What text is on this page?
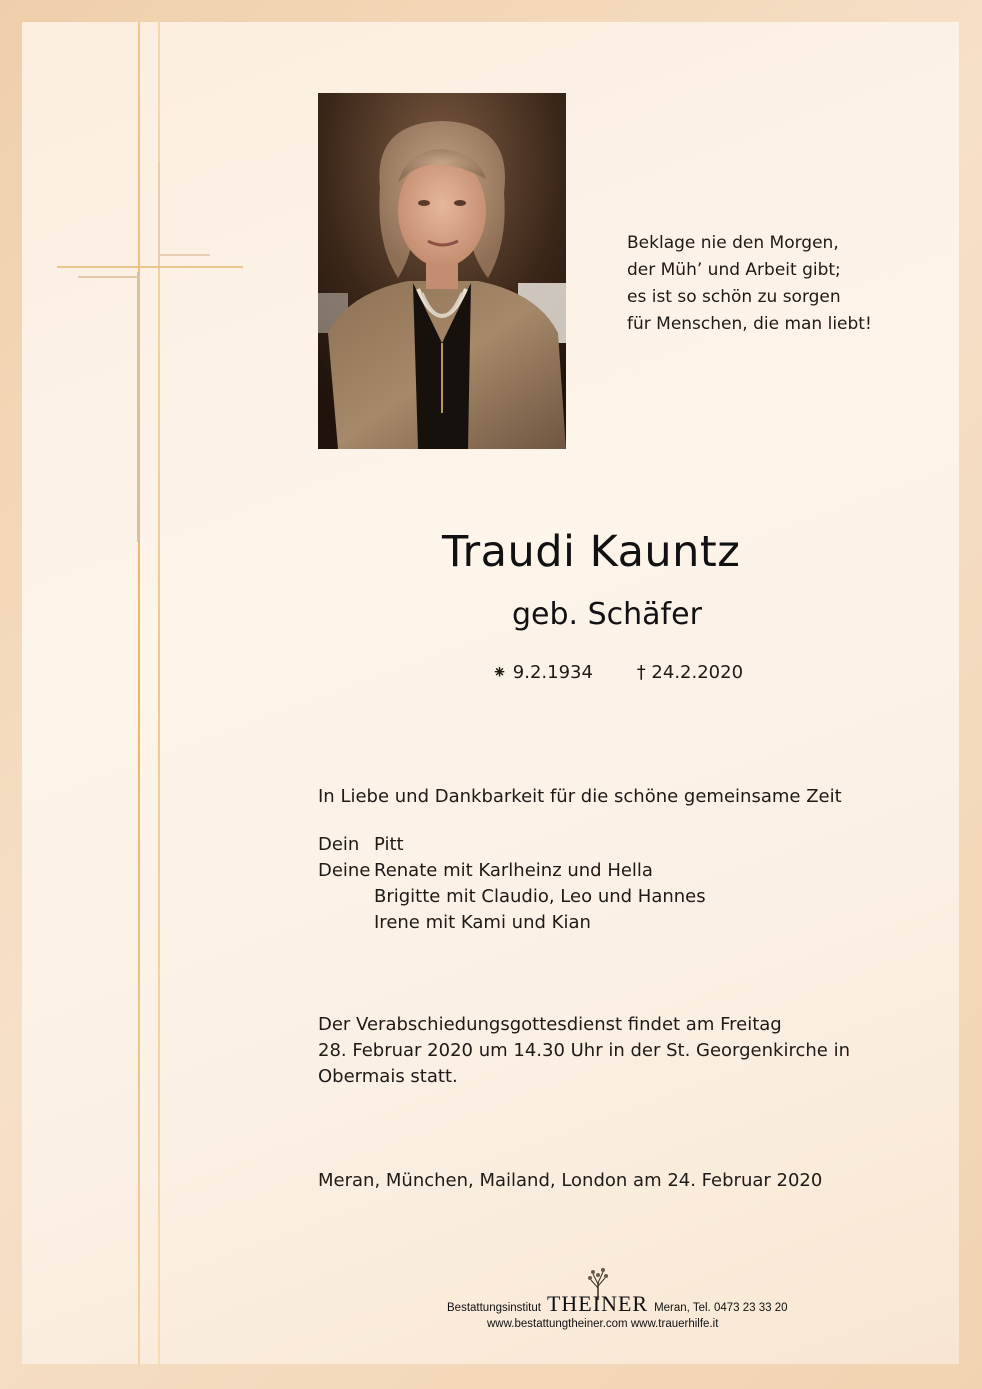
Beklage nie den Morgen,
der Müh’ und Arbeit gibt;
es ist so schön zu sorgen
für Menschen, die man liebt!
Traudi Kauntz
geb. Schäfer
⁕ 9.2.1934 † 24.2.2020
In Liebe und Dankbarkeit für die schöne gemeinsame Zeit
Dein Pitt
Deine Renate mit Karlheinz und Hella
Brigitte mit Claudio, Leo und Hannes
Irene mit Kami und Kian
Der Verabschiedungsgottesdienst findet am Freitag
28. Februar 2020 um 14.30 Uhr in der St. Georgenkirche in
Obermais statt.
Meran, München, Mailand, London am 24. Februar 2020
Bestattungsinstitut THEINER Meran, Tel. 0473 23 33 20
www.bestattungtheiner.com www.trauerhilfe.it
